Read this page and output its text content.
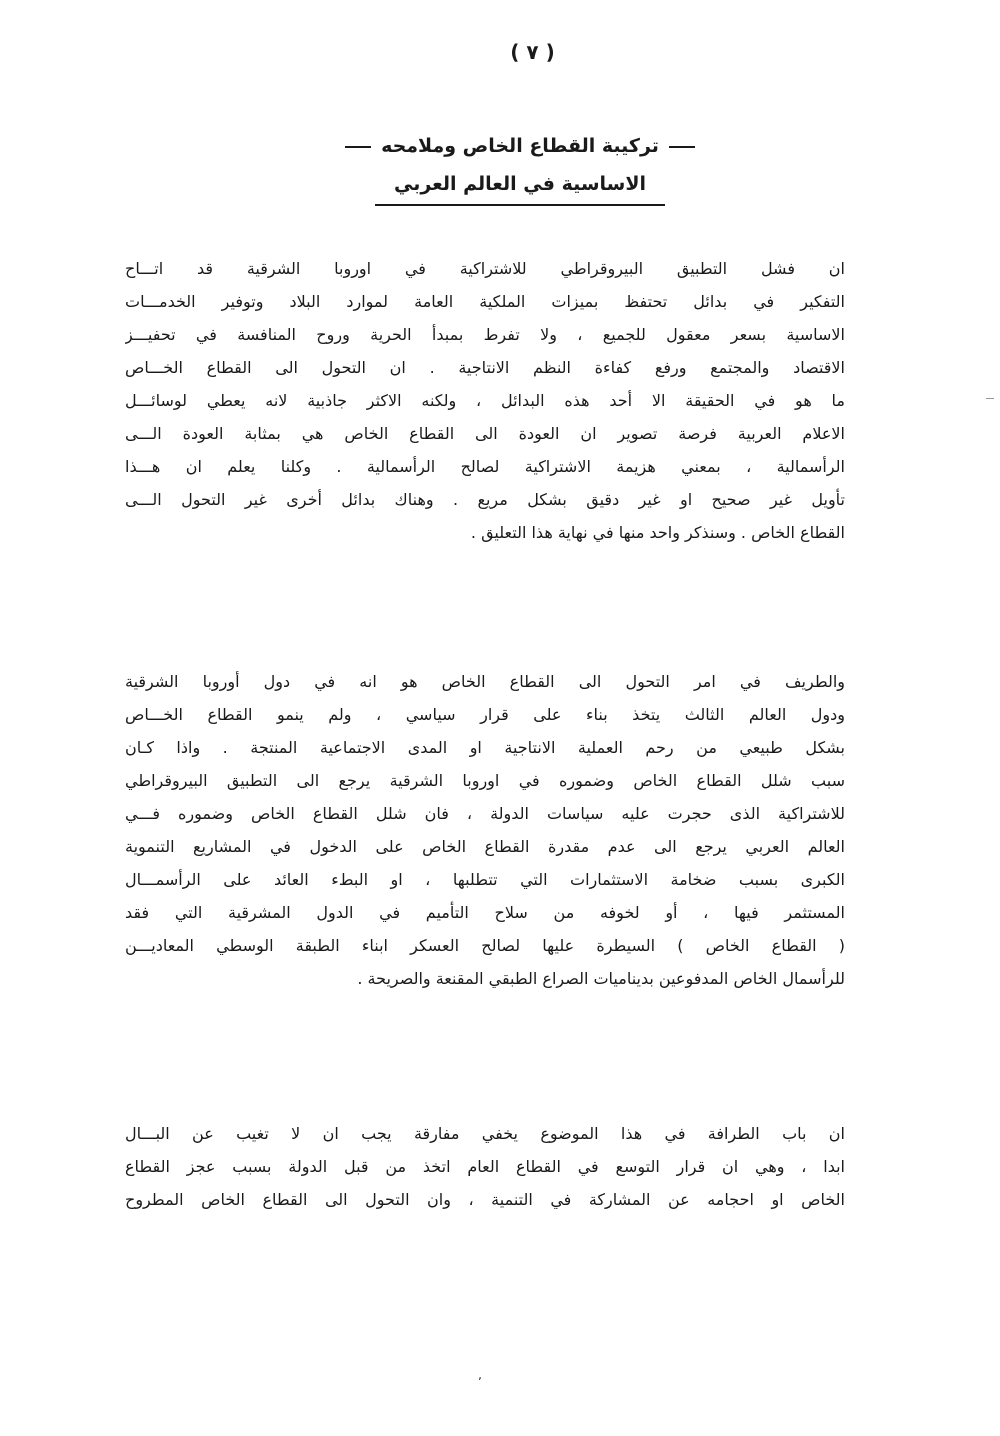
( ٧ )
تركيبة القطاع الخاص وملامحه
الاساسية في العالم العربي
ان فشل التطبيق البيروقراطي للاشتراكية في اوروبا الشرقية قد اتـــاح
التفكير في بدائل تحتفظ بميزات الملكية العامة لموارد البلاد وتوفير الخدمـــات
الاساسية بسعر معقول للجميع ، ولا تفرط بمبدأ الحرية وروح المنافسة في تحفيـــز
الاقتصاد والمجتمع ورفع كفاءة النظم الانتاجية . ان التحول الى القطاع الخـــاص
ما هو في الحقيقة الا أحد هذه البدائل ، ولكنه الاكثر جاذبية لانه يعطي لوسائـــل
الاعلام العربية فرصة تصوير ان العودة الى القطاع الخاص هي بمثابة العودة الـــى
الرأسمالية ، بمعني هزيمة الاشتراكية لصالح الرأسمالية . وكلنا يعلم ان هـــذا
تأويل غير صحيح او غير دقيق بشكل مريع . وهناك بدائل أخرى غير التحول الـــى
القطاع الخاص . وسنذكر واحد منها في نهاية هذا التعليق .
والطريف في امر التحول الى القطاع الخاص هو انه في دول أوروبا الشرقية
ودول العالم الثالث يتخذ بناء على قرار سياسي ، ولم ينمو القطاع الخـــاص
بشكل طبيعي من رحم العملية الانتاجية او المدى الاجتماعية المنتجة . واذا كـان
سبب شلل القطاع الخاص وضموره في اوروبا الشرقية يرجع الى التطبيق البيروقراطي
للاشتراكية الذى حجرت عليه سياسات الدولة ، فان شلل القطاع الخاص وضموره فـــي
العالم العربي يرجع الى عدم مقدرة القطاع الخاص على الدخول في المشاريع التنموية
الكبرى بسبب ضخامة الاستثمارات التي تتطلبها ، او البطء العائد على الرأسمـــال
المستثمر فيها ، أو لخوفه من سلاح التأميم في الدول المشرقية التي فقد
( القطاع الخاص ) السيطرة عليها لصالح العسكر ابناء الطبقة الوسطي المعاديـــن
للرأسمال الخاص المدفوعين بديناميات الصراع الطبقي المقنعة والصريحة .
ان باب الطرافة في هذا الموضوع يخفي مفارقة يجب ان لا تغيب عن البـــال
ابدا ، وهي ان قرار التوسع في القطاع العام اتخذ من قبل الدولة بسبب عجز القطاع
الخاص او احجامه عن المشاركة في التنمية ، وان التحول الى القطاع الخاص المطروح
٬
